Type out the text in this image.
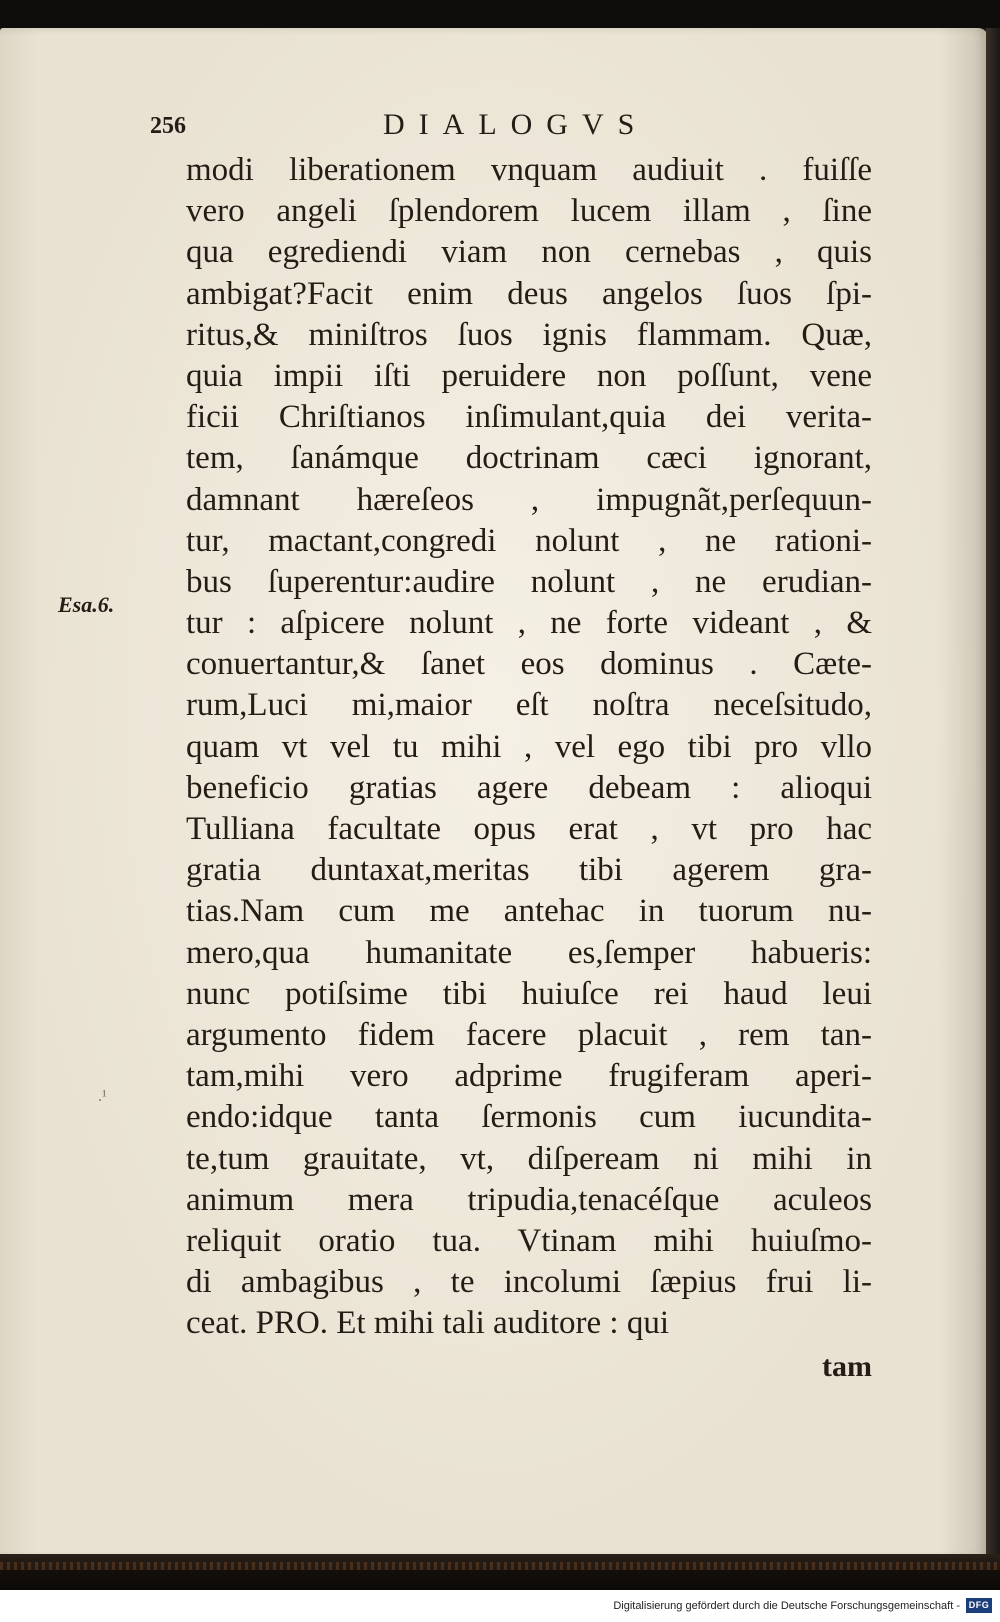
256	DIALOGVS
Esa.6.
.¹
modi liberationem vnquam audiuit . fuiſſe
vero angeli ſplendorem lucem illam , ſine
qua egrediendi viam non cernebas , quis
ambigat?Facit enim deus angelos ſuos ſpi-
ritus,& miniſtros ſuos ignis flammam. Quæ,
quia impii iſti peruidere non poſſunt, vene
ficii Chriſtianos inſimulant,quia dei verita-
tem, ſanámque doctrinam cæci ignorant,
damnant hæreſeos , impugnãt,perſequun-
tur, mactant,congredi nolunt , ne rationi-
bus ſuperentur:audire nolunt , ne erudian-
tur : aſpicere nolunt , ne forte videant , &
conuertantur,& ſanet eos dominus . Cæte-
rum,Luci mi,maior eſt noſtra neceſsitudo,
quam vt vel tu mihi , vel ego tibi pro vllo
beneficio gratias agere debeam : alioqui
Tulliana facultate opus erat , vt pro hac
gratia duntaxat,meritas tibi agerem gra-
tias.Nam cum me antehac in tuorum nu-
mero,qua humanitate es,ſemper habueris:
nunc potiſsime tibi huiuſce rei haud leui
argumento fidem facere placuit , rem tan-
tam,mihi vero adprime frugiferam aperi-
endo:idque tanta ſermonis cum iucundita-
te,tum grauitate, vt, diſpeream ni mihi in
animum mera tripudia,tenacéſque aculeos
reliquit oratio tua. Vtinam mihi huiuſmo-
di ambagibus , te incolumi ſæpius frui li-
ceat. PRO. Et mihi tali auditore : qui
tam
Digitalisierung gefördert durch die Deutsche Forschungsgemeinschaft - DFG
